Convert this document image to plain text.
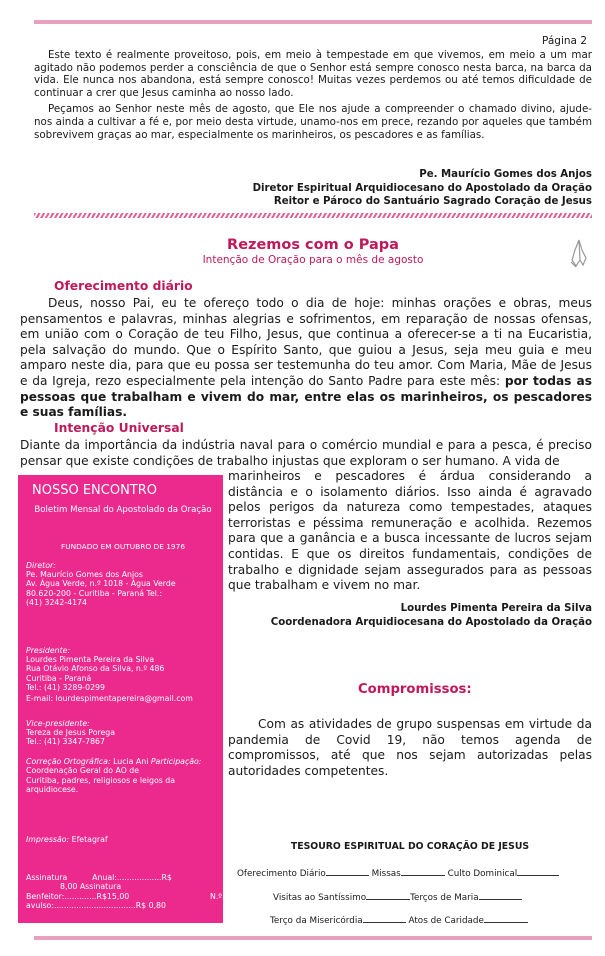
Página 2

Este texto é realmente proveitoso, pois, em meio à tempestade em que vivemos, em meio a um mar agitado não podemos perder a consciência de que o Senhor está sempre conosco nesta barca, na barca da vida. Ele nunca nos abandona, está sempre conosco! Muitas vezes perdemos ou até temos dificuldade de continuar a crer que Jesus caminha ao nosso lado.

Peçamos ao Senhor neste mês de agosto, que Ele nos ajude a compreender o chamado divino, ajude-nos ainda a cultivar a fé e, por meio desta virtude, unamo-nos em prece, rezando por aqueles que também sobrevivem graças ao mar, especialmente os marinheiros, os pescadores e as famílias.

Pe. Maurício Gomes dos Anjos
Diretor Espiritual Arquidiocesano do Apostolado da Oração
Reitor e Pároco do Santuário Sagrado Coração de Jesus
Rezemos com o Papa
Intenção de Oração para o mês de agosto
Oferecimento diário

Deus, nosso Pai, eu te ofereço todo o dia de hoje: minhas orações e obras, meus pensamentos e palavras, minhas alegrias e sofrimentos, em reparação de nossas ofensas, em união com o Coração de teu Filho, Jesus, que continua a oferecer-se a ti na Eucaristia, pela salvação do mundo. Que o Espírito Santo, que guiou a Jesus, seja meu guia e meu amparo neste dia, para que eu possa ser testemunha do teu amor. Com Maria, Mãe de Jesus e da Igreja, rezo especialmente pela intenção do Santo Padre para este mês: por todas as pessoas que trabalham e vivem do mar, entre elas os marinheiros, os pescadores e suas famílias.

Intenção Universal

Diante da importância da indústria naval para o comércio mundial e para a pesca, é preciso pensar que existe condições de trabalho injustas que exploram o ser humano. A vida de

marinheiros e pescadores é árdua considerando a distância e o isolamento diários. Isso ainda é agravado pelos perigos da natureza como tempestades, ataques terroristas e péssima remuneração e acolhida. Rezemos para que a ganância e a busca incessante de lucros sejam contidas. E que os direitos fundamentais, condições de trabalho e dignidade sejam assegurados para as pessoas que trabalham e vivem no mar.

Lourdes Pimenta Pereira da Silva
Coordenadora Arquidiocesana do Apostolado da Oração
Compromissos:

Com as atividades de grupo suspensas em virtude da pandemia de Covid 19, não temos agenda de compromissos, até que nos sejam autorizadas pelas autoridades competentes.

NOSSO ENCONTRO
Boletim Mensal do Apostolado da Oração
FUNDADO EM OUTUBRO DE 1976
Diretor:
Pe. Maurício Gomes dos Anjos
Av. Água Verde, n.º 1018 - Água Verde
80.620-200 - Curitiba - Paraná Tel.:
(41) 3242-4174
Presidente:
Lourdes Pimenta Pereira da Silva
Rua Otávio Afonso da Silva, n.º 486
Curitiba - Paraná
Tel.: (41) 3289-0299
E-mail: lourdespimentapereira@gmail.com
Vice-presidente:
Tereza de Jesus Porega
Tel.: (41) 3347-7867
Correção Ortográfica: Lucia Ani Participação:
Coordenação Geral do AO de
Curitiba, padres, religiosos e leigos da
arquidiocese.
Impressão: Efetagraf
Assinatura          Anual:..................R$
8,00 Assinatura
Benfeitor:.............R$15,00	N.º
avulso:.................................R$ 0,80
TESOURO ESPIRITUAL DO CORAÇÃO DE JESUS
Oferecimento Diário	Missas	Culto Dominical
Visitas ao Santíssimo	Terços de Maria
Terço da Misericórdia	Atos de Caridade
